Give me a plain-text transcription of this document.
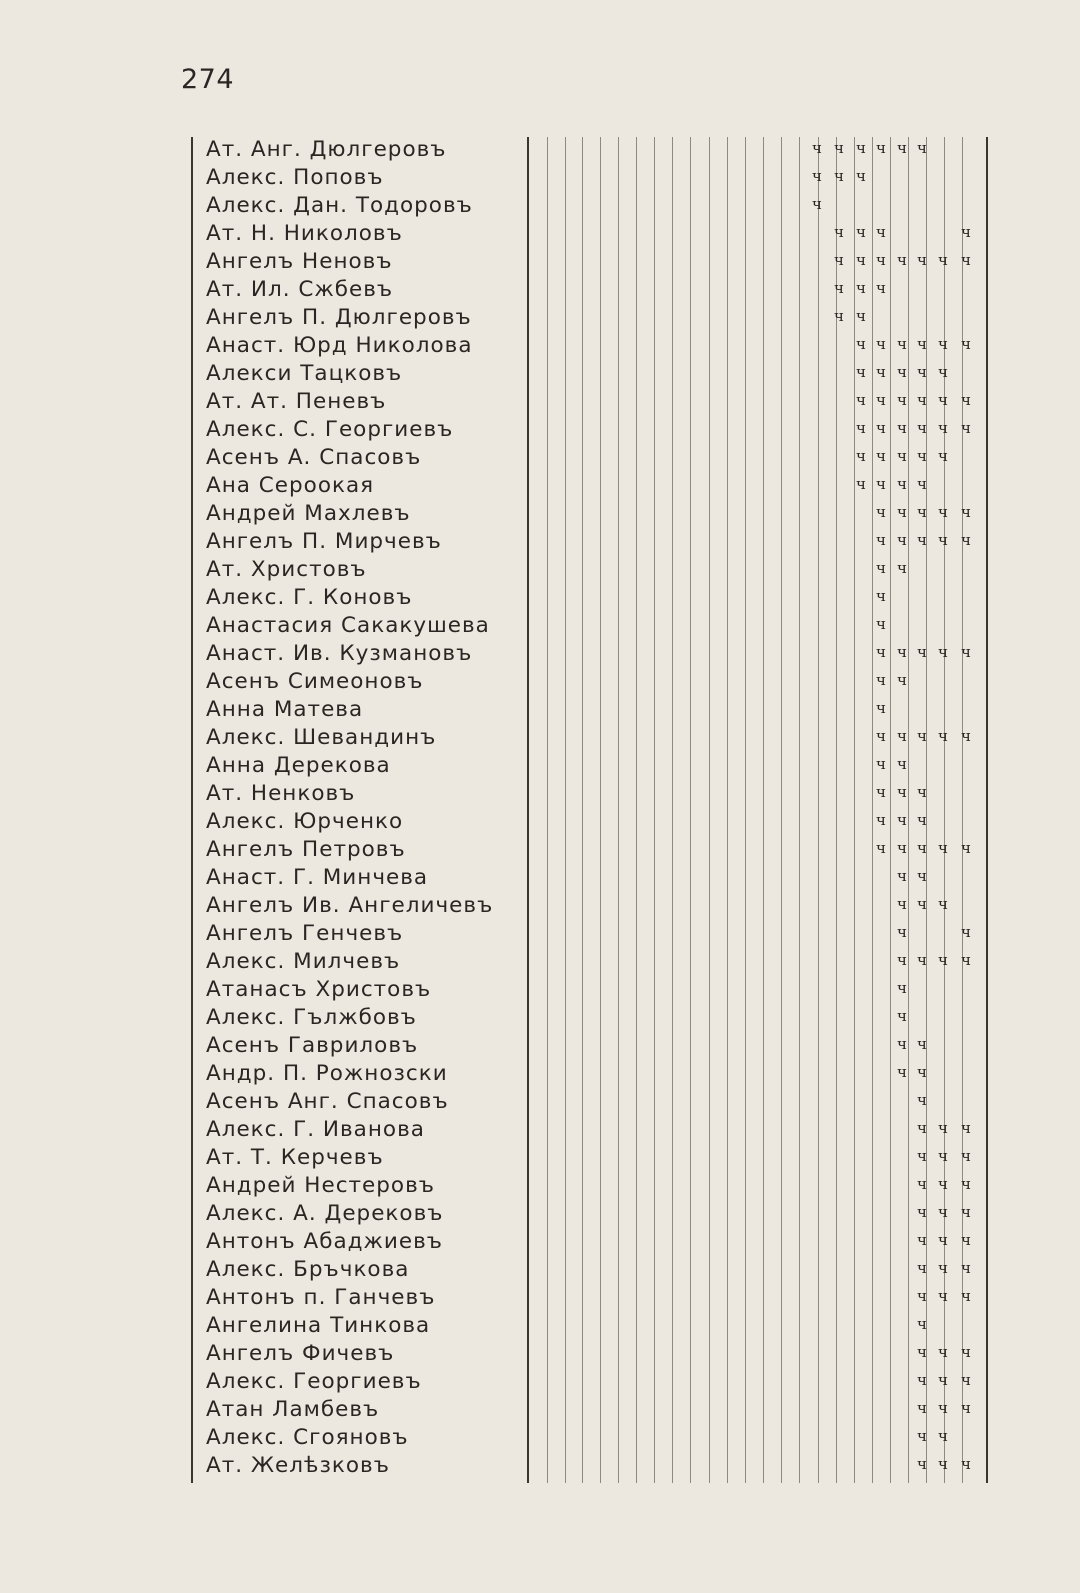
274
Ат. Анг. Дюлгеровъ
Алекс. Поповъ
Алекс. Дан. Тодоровъ
Ат. Н. Николовъ
Ангелъ Неновъ
Ат. Ил. Сжбевъ
Ангелъ П. Дюлгеровъ
Анаст. Юрд Николова
Алекси Тацковъ
Ат. Ат. Пеневъ
Алекс. С. Георгиевъ
Асенъ А. Спасовъ
Ана Сероокая
Андрей Махлевъ
Ангелъ П. Мирчевъ
Ат. Христовъ
Алекс. Г. Коновъ
Анастасия Сакакушева
Анаст. Ив. Кузмановъ
Асенъ Симеоновъ
Анна Матева
Алекс. Шевандинъ
Анна Дерекова
Ат. Ненковъ
Алекс. Юрченко
Ангелъ Петровъ
Анаст. Г. Минчева
Ангелъ Ив. Ангеличевъ
Ангелъ Генчевъ
Алекс. Милчевъ
Атанасъ Христовъ
Алекс. Гължбовъ
Асенъ Гавриловъ
Андр. П. Рожнозски
Асенъ Анг. Спасовъ
Алекс. Г. Иванова
Ат. Т. Керчевъ
Андрей Нестеровъ
Алекс. А. Дерековъ
Антонъ Абаджиевъ
Алекс. Бръчкова
Антонъ п. Ганчевъ
Ангелина Тинкова
Ангелъ Фичевъ
Алекс. Георгиевъ
Атан Ламбевъ
Алекс. Сгояновъ
Ат. Желѣзковъ
ч ч ч ч ч ч
ч ч ч
ч
ч ч ч	ч
ч ч ч ч ч ч ч
ч ч ч
ч ч
ч ч ч ч ч ч
ч ч ч ч ч
ч ч ч ч ч ч
ч ч ч ч ч ч
ч ч ч ч ч
ч ч ч ч
ч ч ч ч ч
ч ч ч ч ч
ч ч
ч
ч
ч ч ч ч ч
ч ч
ч
ч ч ч ч ч
ч ч
ч ч ч
ч ч ч
ч ч ч ч ч
ч ч
ч ч ч
ч	ч
ч ч ч ч
ч
ч
ч ч
ч ч
ч
ч ч ч
ч ч ч
ч ч ч
ч ч ч
ч ч ч
ч ч ч
ч ч ч
ч
ч ч ч
ч ч ч
ч ч ч
ч ч
ч ч ч
